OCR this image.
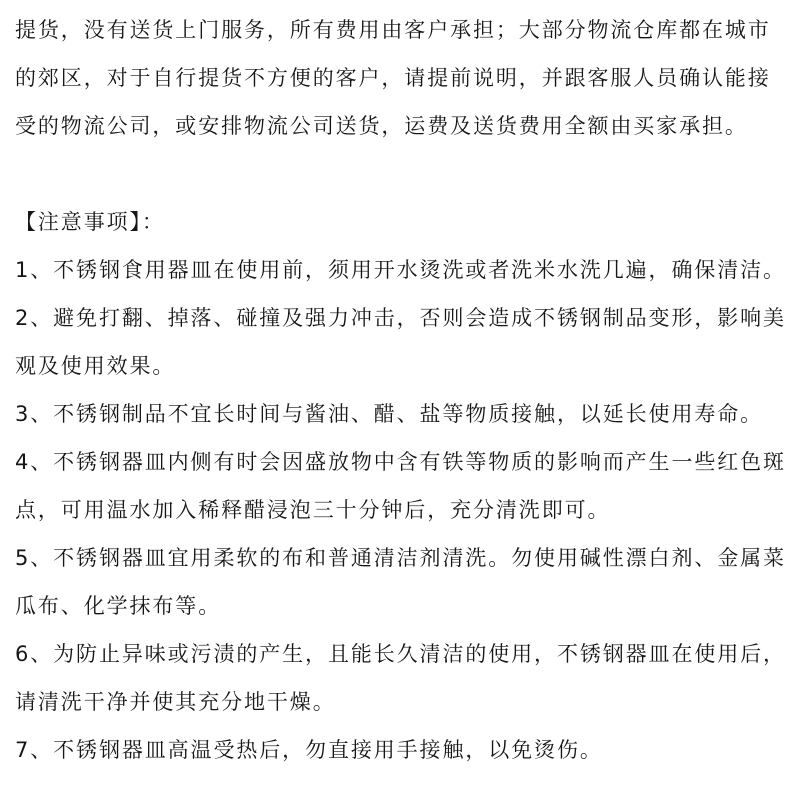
提货，没有送货上门服务，所有费用由客户承担；大部分物流仓库都在城市
的郊区，对于自行提货不方便的客户，请提前说明，并跟客服人员确认能接
受的物流公司，或安排物流公司送货，运费及送货费用全额由买家承担。
【注意事项】：
1、不锈钢食用器皿在使用前，须用开水烫洗或者洗米水洗几遍，确保清洁。
2、避免打翻、掉落、碰撞及强力冲击，否则会造成不锈钢制品变形，影响美
观及使用效果。
3、不锈钢制品不宜长时间与酱油、醋、盐等物质接触，以延长使用寿命。
4、不锈钢器皿内侧有时会因盛放物中含有铁等物质的影响而产生一些红色斑
点，可用温水加入稀释醋浸泡三十分钟后，充分清洗即可。
5、不锈钢器皿宜用柔软的布和普通清洁剂清洗。勿使用碱性漂白剂、金属菜
瓜布、化学抹布等。
6、为防止异味或污渍的产生，且能长久清洁的使用，不锈钢器皿在使用后，
请清洗干净并使其充分地干燥。
7、不锈钢器皿高温受热后，勿直接用手接触，以免烫伤。
